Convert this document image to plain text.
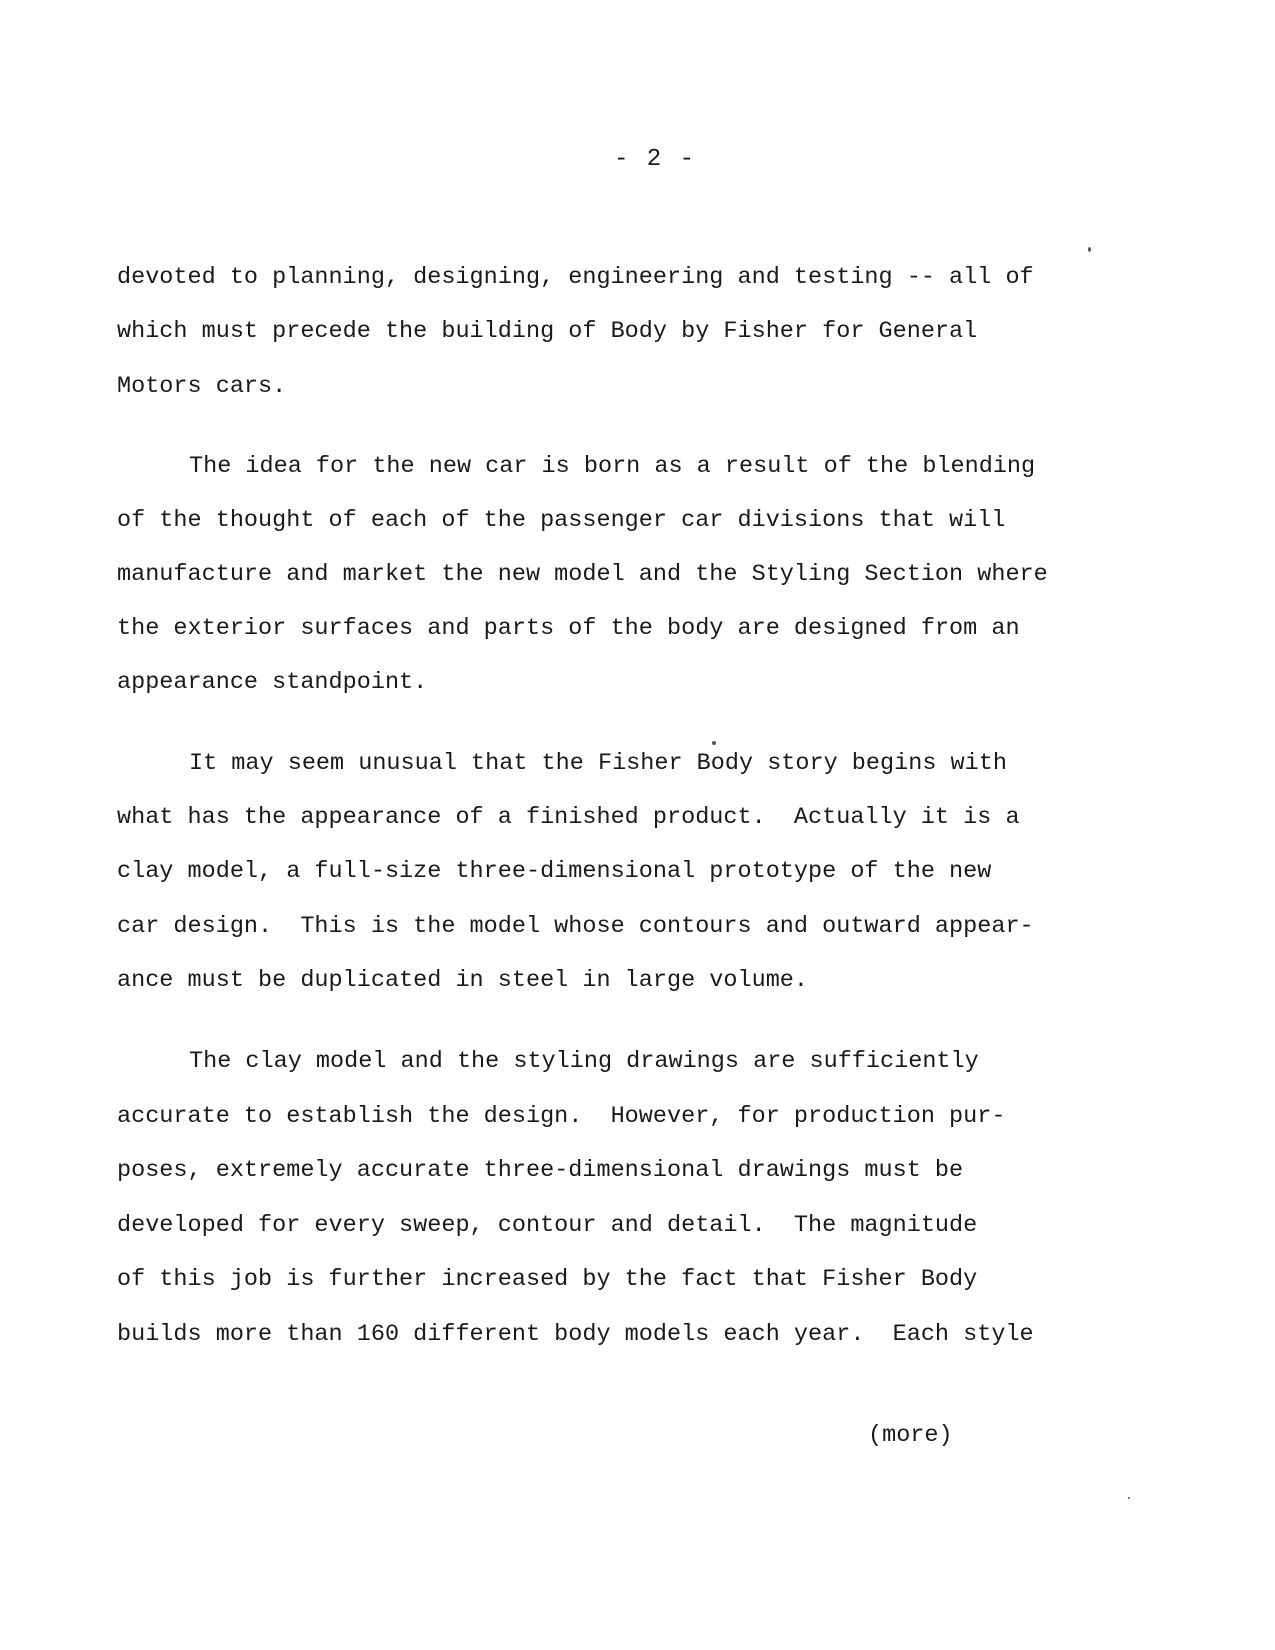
- 2 -
devoted to planning, designing, engineering and testing -- all of
which must precede the building of Body by Fisher for General
Motors cars.
The idea for the new car is born as a result of the blending
of the thought of each of the passenger car divisions that will
manufacture and market the new model and the Styling Section where
the exterior surfaces and parts of the body are designed from an
appearance standpoint.
It may seem unusual that the Fisher Body story begins with
what has the appearance of a finished product.  Actually it is a
clay model, a full-size three-dimensional prototype of the new
car design.  This is the model whose contours and outward appear-
ance must be duplicated in steel in large volume.
The clay model and the styling drawings are sufficiently
accurate to establish the design.  However, for production pur-
poses, extremely accurate three-dimensional drawings must be
developed for every sweep, contour and detail.  The magnitude
of this job is further increased by the fact that Fisher Body
builds more than 160 different body models each year.  Each style
(more)
